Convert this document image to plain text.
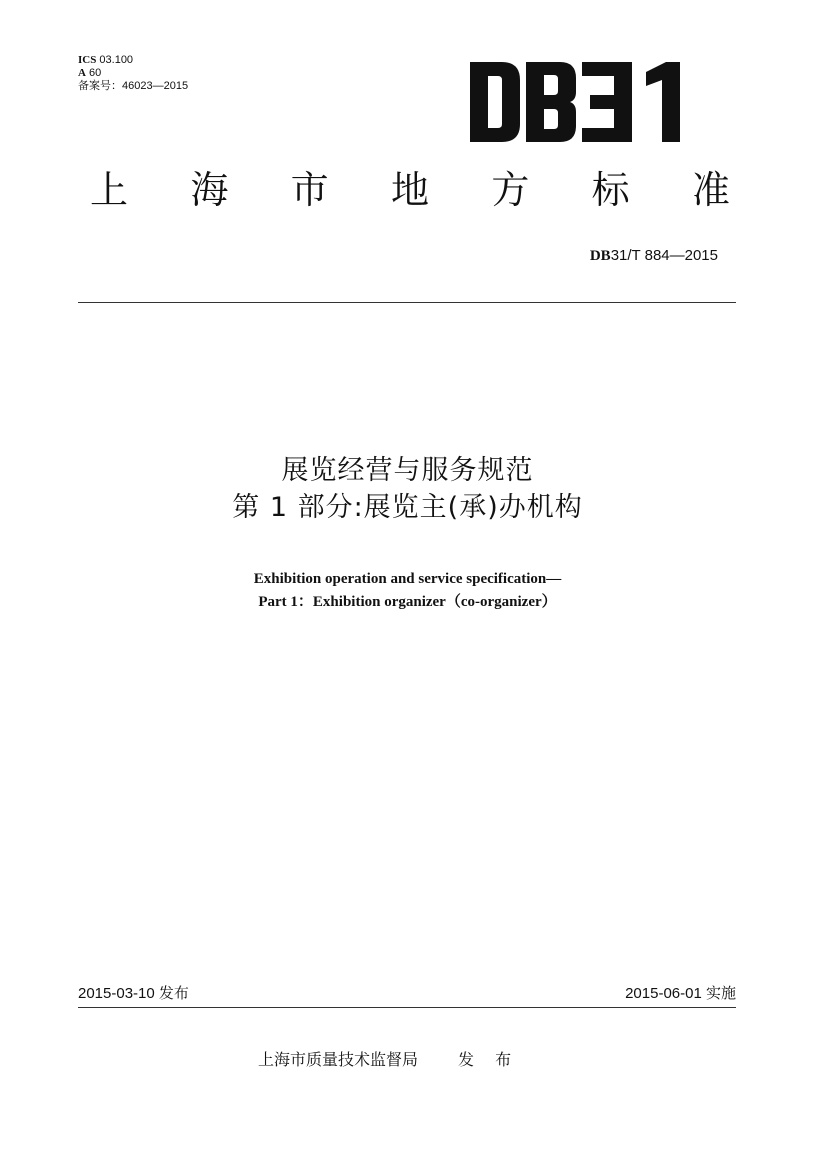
ICS 03.100
A 60
备案号：46023—2015
上 海 市 地 方 标 准
DB31/T 884—2015
展览经营与服务规范
第 1 部分:展览主(承)办机构
Exhibition operation and service specification—
Part 1：Exhibition organizer（co-organizer）
2015-03-10 发布	2015-06-01 实施
上海市质量技术监督局	发 布
